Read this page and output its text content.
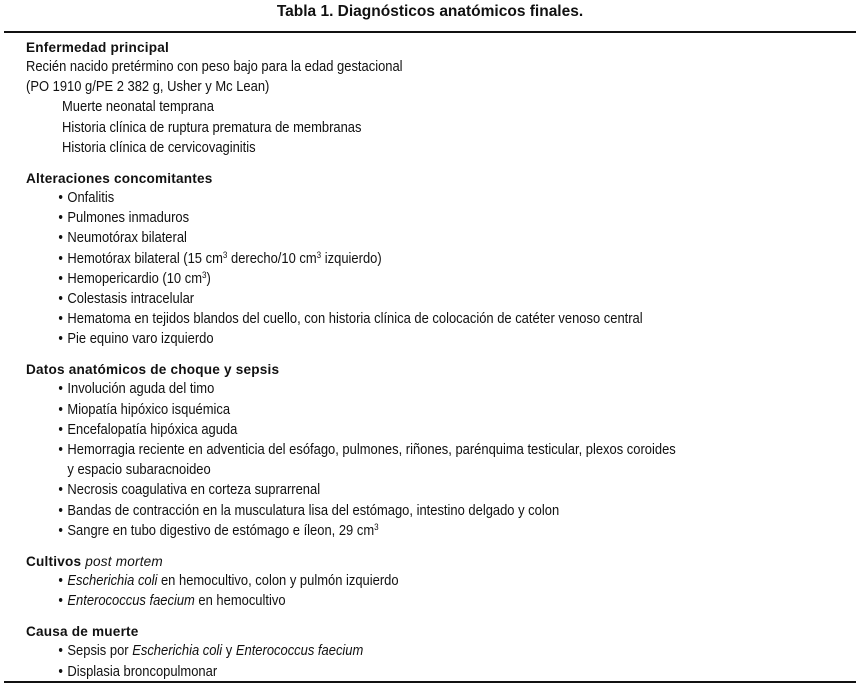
Tabla 1. Diagnósticos anatómicos finales.
Enfermedad principal
Recién nacido pretérmino con peso bajo para la edad gestacional
(PO 1910 g/PE 2 382 g, Usher y Mc Lean)
Muerte neonatal temprana
Historia clínica de ruptura prematura de membranas
Historia clínica de cervicovaginitis
Alteraciones concomitantes
• Onfalitis
• Pulmones inmaduros
• Neumotórax bilateral
• Hemotórax bilateral (15 $cm^3$ derecho/10 $cm^3$ izquierdo)
• Hemopericardio (10 $cm^3$)
• Colestasis intracelular
• Hematoma en tejidos blandos del cuello, con historia clínica de colocación de catéter venoso central
• Pie equino varo izquierdo
Datos anatómicos de choque y sepsis
• Involución aguda del timo
• Miopatía hipóxico isquémica
• Encefalopatía hipóxica aguda
• Hemorragia reciente en adventicia del esófago, pulmones, riñones, parénquima testicular, plexos coroides
y espacio subaracnoideo
• Necrosis coagulativa en corteza suprarrenal
• Bandas de contracción en la musculatura lisa del estómago, intestino delgado y colon
• Sangre en tubo digestivo de estómago e íleon, 29 $cm^3$
Cultivos post mortem
• Escherichia coli en hemocultivo, colon y pulmón izquierdo
• Enterococcus faecium en hemocultivo
Causa de muerte
• Sepsis por Escherichia coli y Enterococcus faecium
• Displasia broncopulmonar
